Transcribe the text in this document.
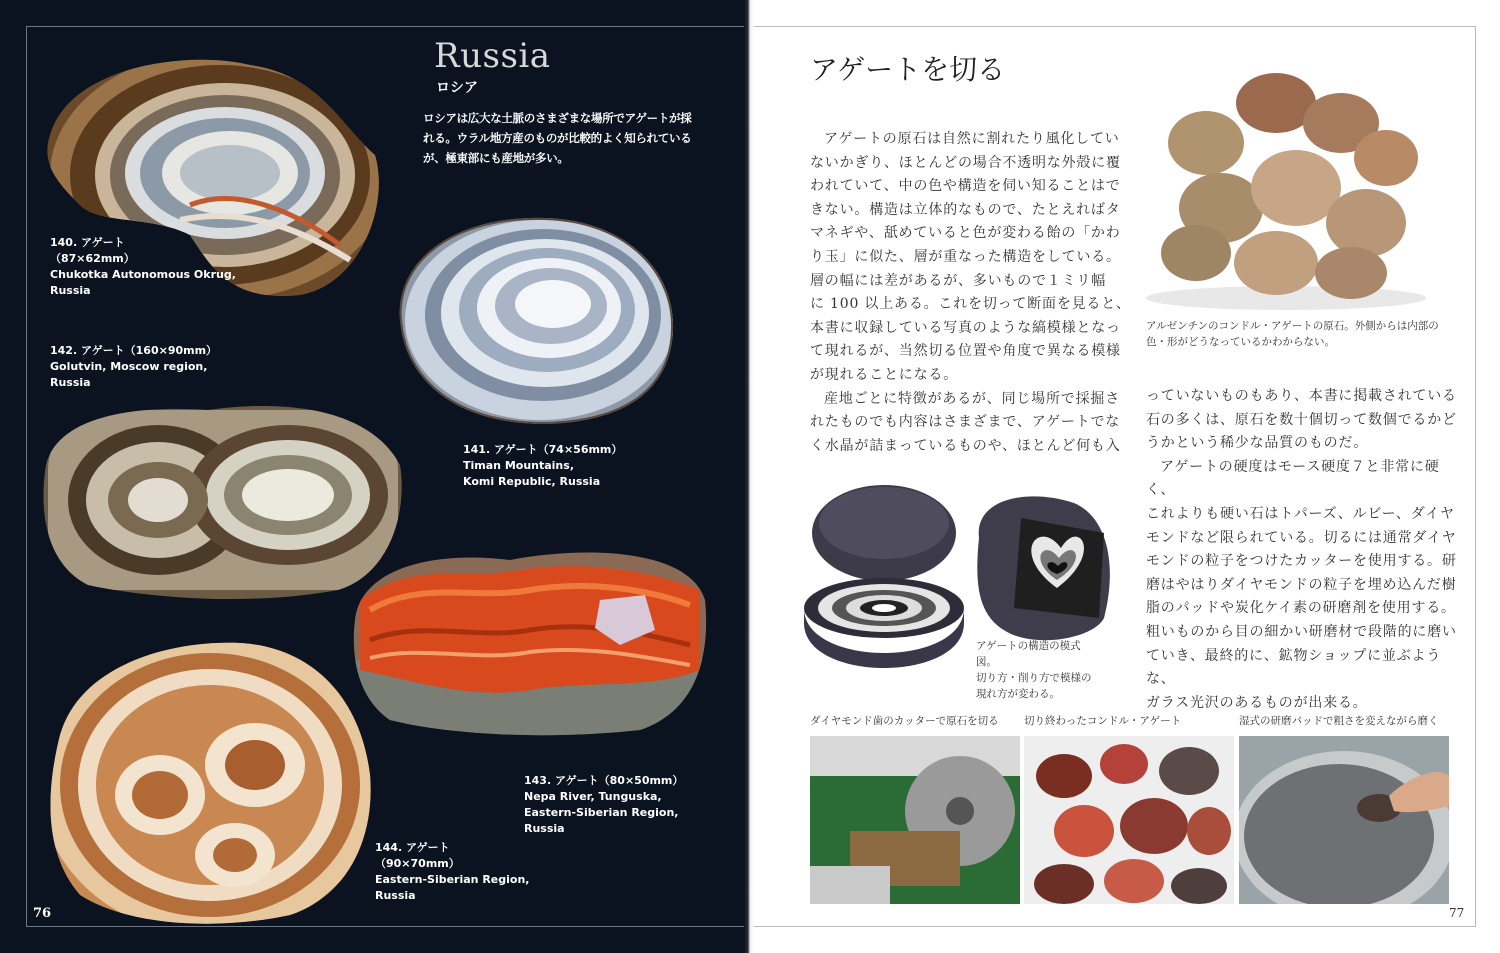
140. アゲート
（87×62mm）
Chukotka Autonomous Okrug,
Russia
Russia
ロシア
ロシアは広大な土脈のさまざまな場所でアゲートが採れる。ウラル地方産のものが比較的よく知られているが、極東部にも産地が多い。
141. アゲート（74×56mm）
Timan Mountains,
Komi Republic, Russia
142. アゲート（160×90mm）
Golutvin, Moscow region,
Russia
143. アゲート（80×50mm）
Nepa River, Tunguska,
Eastern-Siberian Region,
Russia
144. アゲート
（90×70mm）
Eastern-Siberian Region,
Russia
76
アゲートを切る

アゲートの原石は自然に割れたり風化してい

ないかぎり、ほとんどの場合不透明な外殻に覆

われていて、中の色や構造を伺い知ることはで

きない。構造は立体的なもので、たとえればタ

マネギや、舐めていると色が変わる飴の「かわ

り玉」に似た、層が重なった構造をしている。

層の幅には差があるが、多いもので１ミリ幅

に 100 以上ある。これを切って断面を見ると、

本書に収録している写真のような縞模様となっ

て現れるが、当然切る位置や角度で異なる模様

が現れることになる。

産地ごとに特徴があるが、同じ場所で採掘さ

れたものでも内容はさまざまで、アゲートでな

く水晶が詰まっているものや、ほとんど何も入

アルゼンチンのコンドル・アゲートの原石。外側からは内部の
色・形がどうなっているかわからない。

っていないものもあり、本書に掲載されている

石の多くは、原石を数十個切って数個でるかど

うかという稀少な品質のものだ。

アゲートの硬度はモース硬度７と非常に硬く、

これよりも硬い石はトパーズ、ルビー、ダイヤ

モンドなど限られている。切るには通常ダイヤ

モンドの粒子をつけたカッターを使用する。研

磨はやはりダイヤモンドの粒子を埋め込んだ樹

脂のパッドや炭化ケイ素の研磨剤を使用する。

粗いものから目の細かい研磨材で段階的に磨い

ていき、最終的に、鉱物ショップに並ぶような、

ガラス光沢のあるものが出来る。

アゲートの構造の模式図。
切り方・削り方で模様の
現れ方が変わる。
ダイヤモンド歯のカッターで原石を切る 切り終わったコンドル・アゲート	湿式の研磨パッドで粗さを変えながら磨く
77
